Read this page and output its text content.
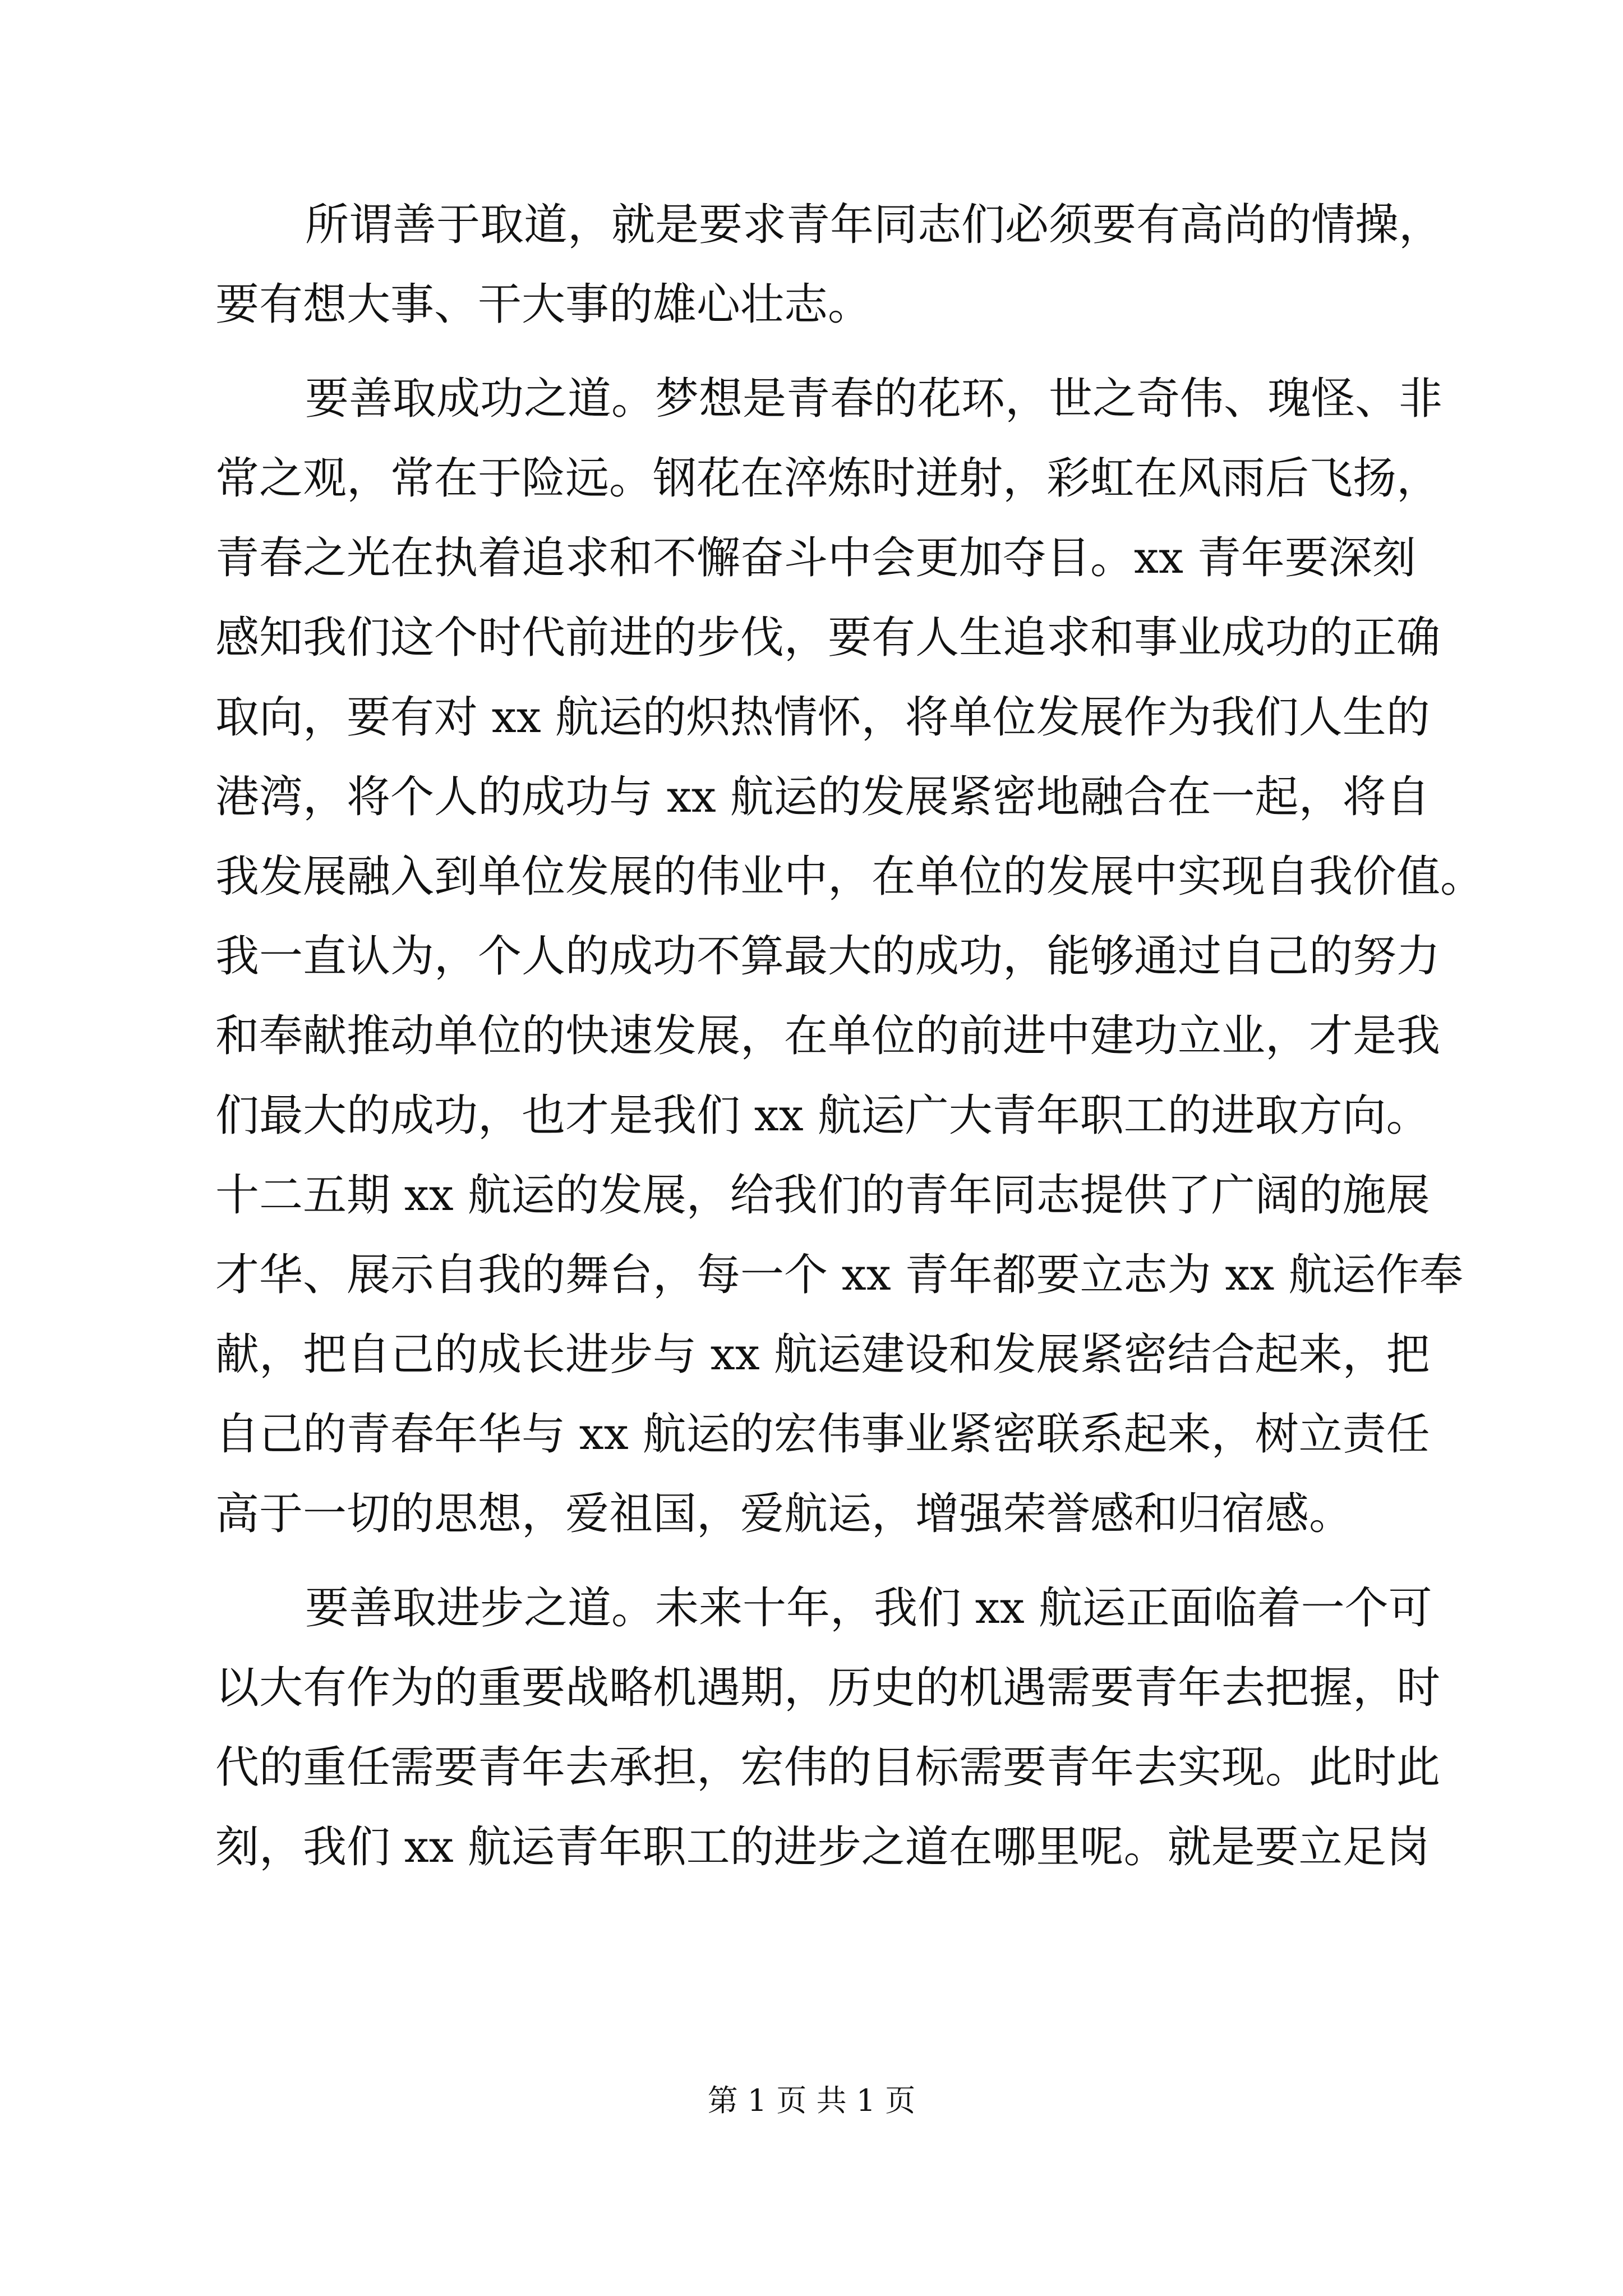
所谓善于取道，就是要求青年同志们必须要有高尚的情操，
要有想大事、干大事的雄心壮志。
要善取成功之道。梦想是青春的花环，世之奇伟、瑰怪、非
常之观，常在于险远。钢花在淬炼时迸射，彩虹在风雨后飞扬，
青春之光在执着追求和不懈奋斗中会更加夺目。xx 青年要深刻
感知我们这个时代前进的步伐，要有人生追求和事业成功的正确
取向，要有对 xx 航运的炽热情怀，将单位发展作为我们人生的
港湾，将个人的成功与 xx 航运的发展紧密地融合在一起，将自
我发展融入到单位发展的伟业中，在单位的发展中实现自我价值。
我一直认为，个人的成功不算最大的成功，能够通过自己的努力
和奉献推动单位的快速发展，在单位的前进中建功立业，才是我
们最大的成功，也才是我们 xx 航运广大青年职工的进取方向。
十二五期 xx 航运的发展，给我们的青年同志提供了广阔的施展
才华、展示自我的舞台，每一个 xx 青年都要立志为 xx 航运作奉
献，把自己的成长进步与 xx 航运建设和发展紧密结合起来，把
自己的青春年华与 xx 航运的宏伟事业紧密联系起来，树立责任
高于一切的思想，爱祖国，爱航运，增强荣誉感和归宿感。
要善取进步之道。未来十年，我们 xx 航运正面临着一个可
以大有作为的重要战略机遇期，历史的机遇需要青年去把握，时
代的重任需要青年去承担，宏伟的目标需要青年去实现。此时此
刻，我们 xx 航运青年职工的进步之道在哪里呢。就是要立足岗
第 1 页 共 1 页
